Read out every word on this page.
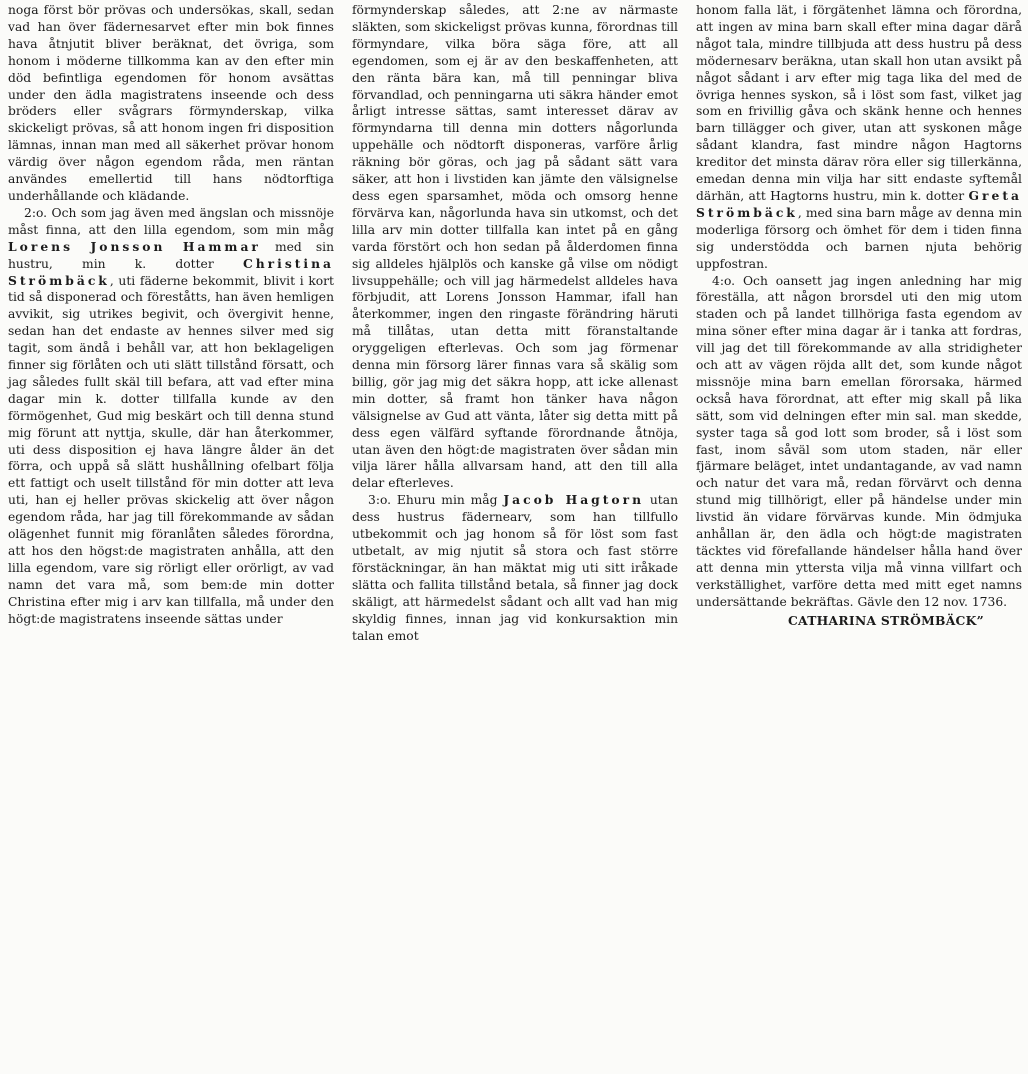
noga först bör prövas och undersökas, skall, sedan vad han över fädernesarvet efter min bok finnes hava åtnjutit bliver beräknat, det övriga, som honom i möderne tillkomma kan av den efter min död befintliga egendomen för honom avsättas under den ädla magistratens inseende och dess bröders eller svågrars förmynderskap, vilka skickeligt prövas, så att honom ingen fri disposition lämnas, innan man med all säkerhet prövar honom värdig över någon egendom råda, men räntan användes emellertid till hans nödtorftiga underhållande och klädande.

2:o. Och som jag även med ängslan och missnöje måst finna, att den lilla egendom, som min måg Lorens Jonsson Hammar med sin hustru, min k. dotter Christina Strömbäck, uti fäderne bekommit, blivit i kort tid så disponerad och föreståtts, han även hemligen avvikit, sig utrikes begivit, och övergivit henne, sedan han det endaste av hennes silver med sig tagit, som ändå i behåll var, att hon beklageligen finner sig förlåten och uti slätt tillstånd försatt, och jag således fullt skäl till befara, att vad efter mina dagar min k. dotter tillfalla kunde av den förmögenhet, Gud mig beskärt och till denna stund mig förunt att nyttja, skulle, där han återkommer, uti dess disposition ej hava längre ålder än det förra, och uppå så slätt hushållning ofelbart följa ett fattigt och uselt tillstånd för min dotter att leva uti, han ej heller prövas skickelig att över någon egendom råda, har jag till förekommande av sådan olägenhet funnit mig föranlåten således förordna, att hos den högst:de magistraten anhålla, att den lilla egendom, vare sig rörligt eller orörligt, av vad namn det vara må, som bem:de min dotter Christina efter mig i arv kan tillfalla, må under den högt:de magistratens inseende sättas under

förmynderskap således, att 2:ne av närmaste släkten, som skickeligst prövas kunna, förordnas till förmyndare, vilka böra säga före, att all egendomen, som ej är av den beskaffenheten, att den ränta bära kan, må till penningar bliva förvandlad, och penningarna uti säkra händer emot årligt intresse sättas, samt interesset därav av förmyndarna till denna min dotters någorlunda uppehälle och nödtorft disponeras, varföre årlig räkning bör göras, och jag på sådant sätt vara säker, att hon i livstiden kan jämte den välsignelse dess egen sparsamhet, möda och omsorg henne förvärva kan, någorlunda hava sin utkomst, och det lilla arv min dotter tillfalla kan intet på en gång varda förstört och hon sedan på ålderdomen finna sig alldeles hjälplös och kanske gå vilse om nödigt livsuppehälle; och vill jag härmedelst alldeles hava förbjudit, att Lorens Jonsson Hammar, ifall han återkommer, ingen den ringaste förändring häruti må tillåtas, utan detta mitt föranstaltande oryggeligen efterlevas. Och som jag förmenar denna min försorg lärer finnas vara så skälig som billig, gör jag mig det säkra hopp, att icke allenast min dotter, så framt hon tänker hava någon välsignelse av Gud att vänta, låter sig detta mitt på dess egen välfärd syftande förordnande åtnöja, utan även den högt:de magistraten över sådan min vilja lärer hålla allvarsam hand, att den till alla delar efterleves.

3:o. Ehuru min måg Jacob Hagtorn utan dess hustrus fädernearv, som han tillfullo utbekommit och jag honom så för löst som fast utbetalt, av mig njutit så stora och fast större förstäckningar, än han mäktat mig uti sitt iråkade slätta och fallita tillstånd betala, så finner jag dock skäligt, att härmedelst sådant och allt vad han mig skyldig finnes, innan jag vid konkursaktion min talan emot

honom falla lät, i förgätenhet lämna och förordna, att ingen av mina barn skall efter mina dagar därå något tala, mindre tillbjuda att dess hustru på dess mödernesarv beräkna, utan skall hon utan avsikt på något sådant i arv efter mig taga lika del med de övriga hennes syskon, så i löst som fast, vilket jag som en frivillig gåva och skänk henne och hennes barn tillägger och giver, utan att syskonen måge sådant klandra, fast mindre någon Hagtorns kreditor det minsta därav röra eller sig tillerkänna, emedan denna min vilja har sitt endaste syftemål därhän, att Hagtorns hustru, min k. dotter Greta Strömbäck, med sina barn måge av denna min moderliga försorg och ömhet för dem i tiden finna sig understödda och barnen njuta behörig uppfostran.

4:o. Och oansett jag ingen anledning har mig föreställa, att någon brorsdel uti den mig utom staden och på landet tillhöriga fasta egendom av mina söner efter mina dagar är i tanka att fordras, vill jag det till förekommande av alla stridigheter och att av vägen röjda allt det, som kunde något missnöje mina barn emellan förorsaka, härmed också hava förordnat, att efter mig skall på lika sätt, som vid delningen efter min sal. man skedde, syster taga så god lott som broder, så i löst som fast, inom såväl som utom staden, när eller fjärmare beläget, intet undantagande, av vad namn och natur det vara må, redan förvärvt och denna stund mig tillhörigt, eller på händelse under min livstid än vidare förvärvas kunde. Min ödmjuka anhållan är, den ädla och högt:de magistraten täcktes vid förefallande händelser hålla hand över att denna min yttersta vilja må vinna villfart och verkställighet, varföre detta med mitt eget namns undersättande bekräftas. Gävle den 12 nov. 1736.

CATHARINA STRÖMBÄCK”
